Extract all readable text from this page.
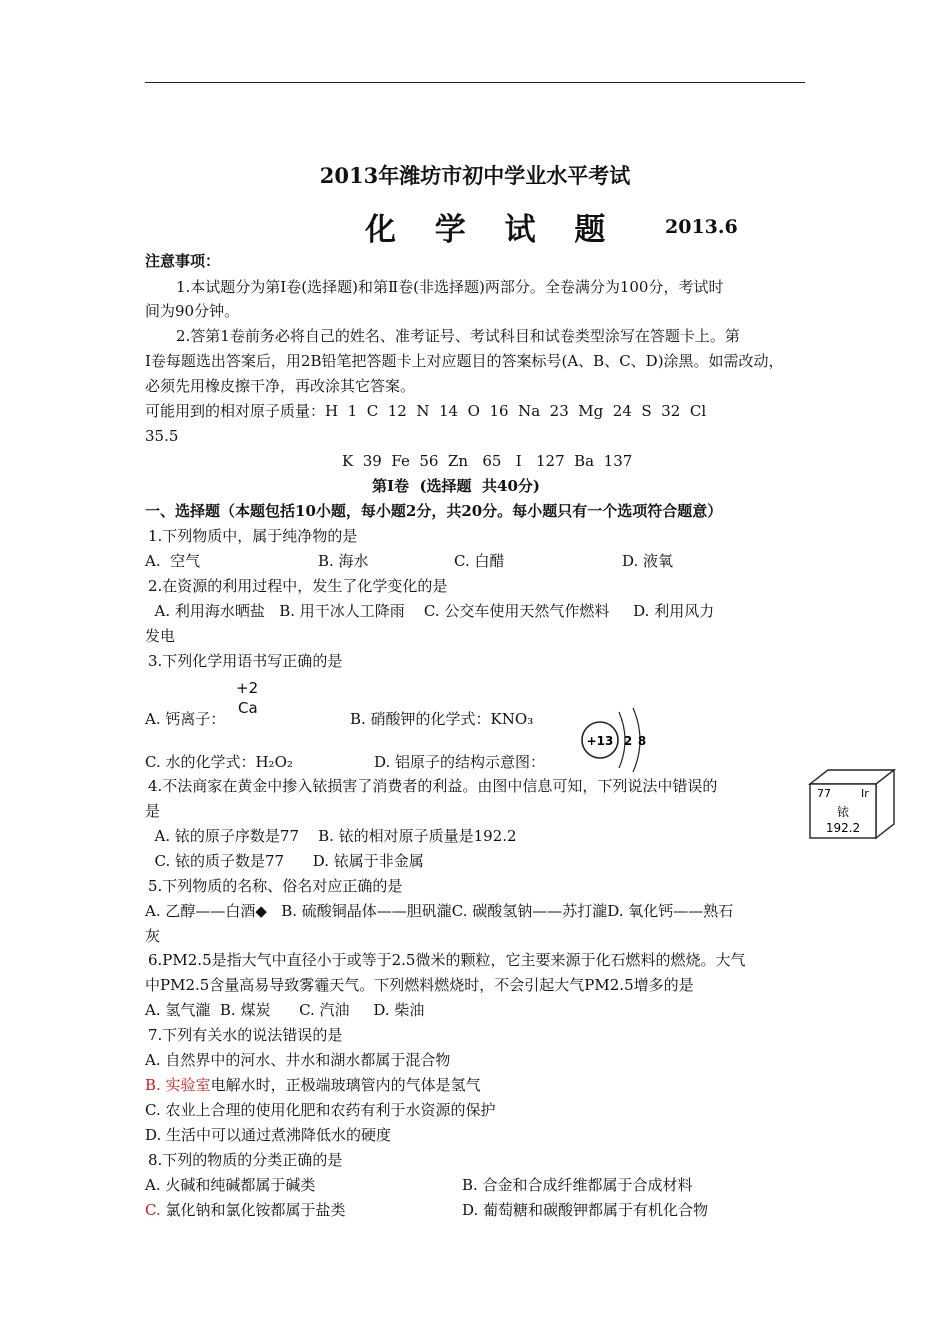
2013年潍坊市初中学业水平考试
化 学 试 题 2013.6
注意事项：
1.本试题分为第Ⅰ卷(选择题)和第Ⅱ卷(非选择题)两部分。全卷满分为100分，考试时
间为90分钟。
2.答第1卷前务必将自己的姓名、准考证号、考试科目和试卷类型涂写在答题卡上。第
Ⅰ卷每题选出答案后，用2B铅笔把答题卡上对应题目的答案标号(A、B、C、D)涂黑。如需改动，
必须先用橡皮擦干净，再改涂其它答案。
可能用到的相对原子质量：H  1  C  12  N  14  O  16  Na  23  Mg  24  S  32  Cl
35.5
K  39  Fe  56  Zn   65   I   127  Ba  137
第Ⅰ卷  (选择题  共40分)
一、选择题（本题包括10小题，每小题2分，共20分。每小题只有一个选项符合题意）
1.下列物质中，属于纯净物的是
A.  空气	B. 海水	C. 白醋	D. 液氧
2.在资源的利用过程中，发生了化学变化的是
A. 利用海水晒盐   B. 用干冰人工降雨    C. 公交车使用天然气作燃料     D. 利用风力
发电
3.下列化学用语书写正确的是
+2
Ca
A. 钙离子：	B. 硝酸钾的化学式：KNO₃
C. 水的化学式：H₂O₂	D. 铝原子的结构示意图：
+13 2 8
4.不法商家在黄金中掺入铱损害了消费者的利益。由图中信息可知，下列说法中错误的
是
A. 铱的原子序数是77    B. 铱的相对原子质量是192.2
C. 铱的质子数是77      D. 铱属于非金属
77	Ir
铱
192.2
5.下列物质的名称、俗名对应正确的是
A. 乙醇——白酒◆   B. 硫酸铜晶体——胆矾瀧C. 碳酸氢钠——苏打瀧D. 氧化钙——熟石
灰
6.PM2.5是指大气中直径小于或等于2.5微米的颗粒，它主要来源于化石燃料的燃烧。大气
中PM2.5含量高易导致雾霾天气。下列燃料燃烧时，不会引起大气PM2.5增多的是
A. 氢气瀧  B. 煤炭      C. 汽油     D. 柴油
7.下列有关水的说法错误的是
A. 自然界中的河水、井水和湖水都属于混合物
B. 实验室电解水时，正极端玻璃管内的气体是氢气
C. 农业上合理的使用化肥和农药有利于水资源的保护
D. 生活中可以通过煮沸降低水的硬度
8.下列的物质的分类正确的是
A. 火碱和纯碱都属于碱类	B. 合金和合成纤维都属于合成材料
C. 氯化钠和氯化铵都属于盐类	D. 葡萄糖和碳酸钾都属于有机化合物
